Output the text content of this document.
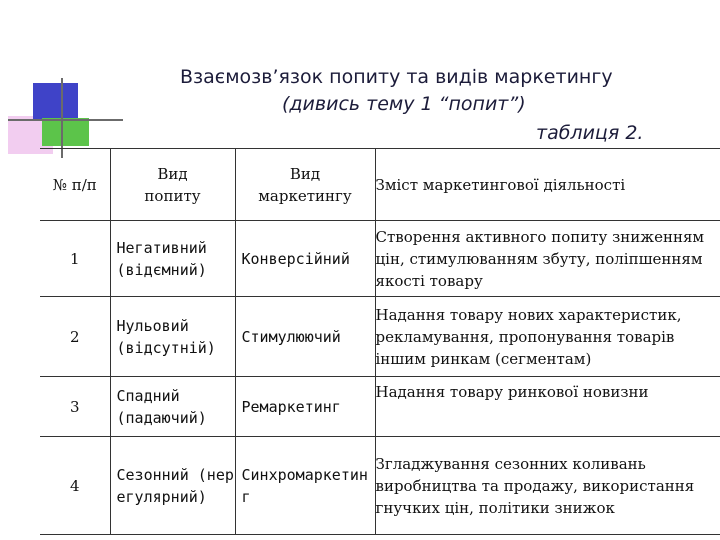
Взаємозв’язок попиту та видів маркетингу
(дивись тему 1 “попит”)
таблиця 2.
№ п/п	Вид попиту	Вид маркетингу	Зміст маркетингової діяльності
1	Негативний (відємний)	Конверсійний	Створення активного попиту зниженням цін, стимулюванням збуту, поліпшенням якості товару
2	Нульовий (відсутній)	Стимулюючий	Надання товару нових характеристик, рекламування, пропонування товарів іншим ринкам (сегментам)
3	Спадний (падаючий)	Ремаркетинг	Надання товару ринкової новизни
4	Сезонний (нерегулярний)	Синхромаркетинг	Згладжування сезонних коливань виробництва та продажу, використання гнучких цін, політики знижок
